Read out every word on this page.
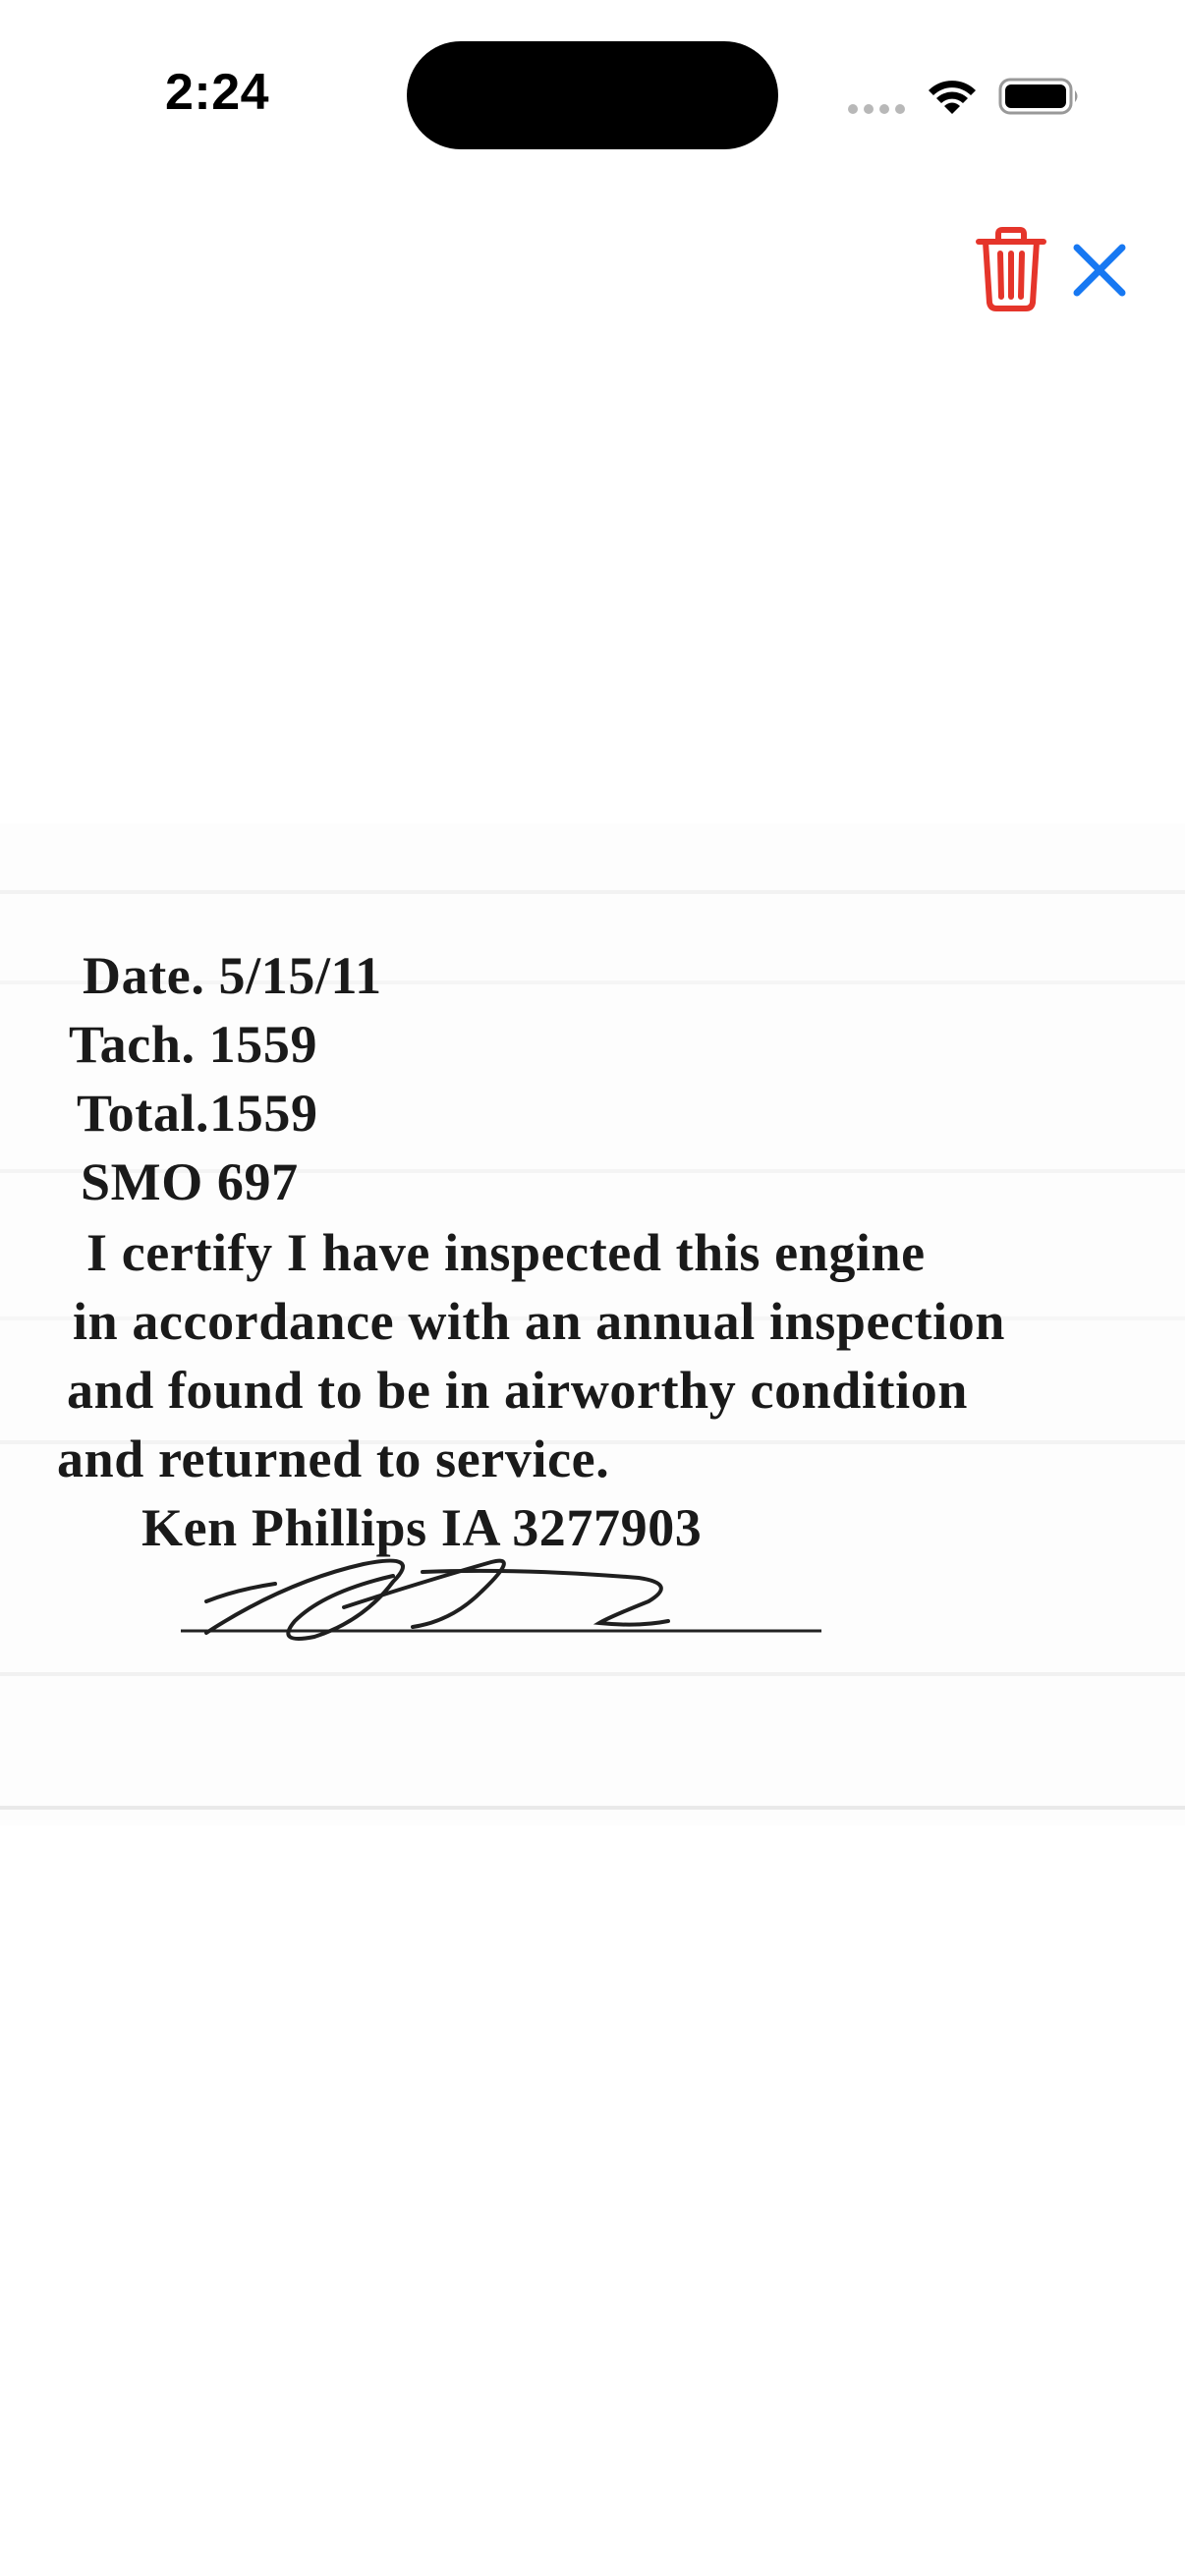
2:24
Date. 5/15/11
Tach. 1559
Total.1559
SMO 697
I certify I have inspected this engine
in accordance with an annual inspection
and found to be in airworthy condition
and returned to service.
Ken Phillips IA 3277903
